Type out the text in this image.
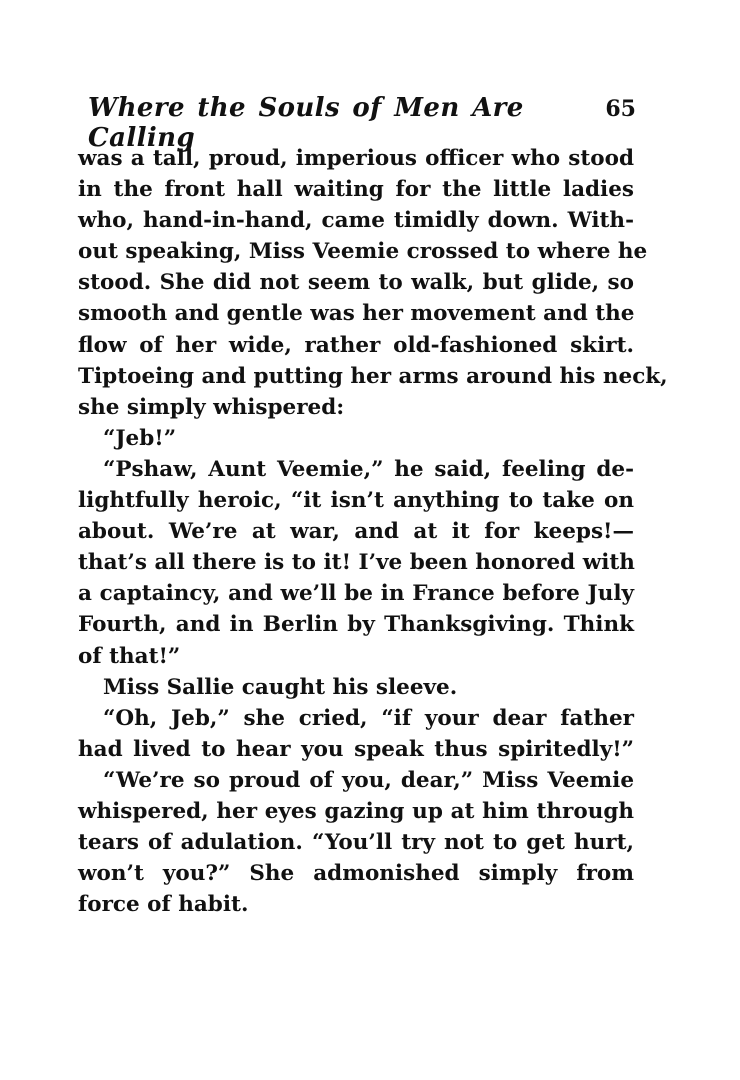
Where the Souls of Men Are Calling
65
was a tall, proud, imperious officer who stood
in the front hall waiting for the little ladies
who, hand-in-hand, came timidly down. With-
out speaking, Miss Veemie crossed to where he
stood. She did not seem to walk, but glide, so
smooth and gentle was her movement and the
flow of her wide, rather old-fashioned skirt.
Tiptoeing and putting her arms around his neck,
she simply whispered:
“Jeb!”
“Pshaw, Aunt Veemie,” he said, feeling de-
lightfully heroic, “it isn’t anything to take on
about. We’re at war, and at it for keeps!—
that’s all there is to it! I’ve been honored with
a captaincy, and we’ll be in France before July
Fourth, and in Berlin by Thanksgiving. Think
of that!”
Miss Sallie caught his sleeve.
“Oh, Jeb,” she cried, “if your dear father
had lived to hear you speak thus spiritedly!”
“We’re so proud of you, dear,” Miss Veemie
whispered, her eyes gazing up at him through
tears of adulation. “You’ll try not to get hurt,
won’t you?” She admonished simply from
force of habit.
